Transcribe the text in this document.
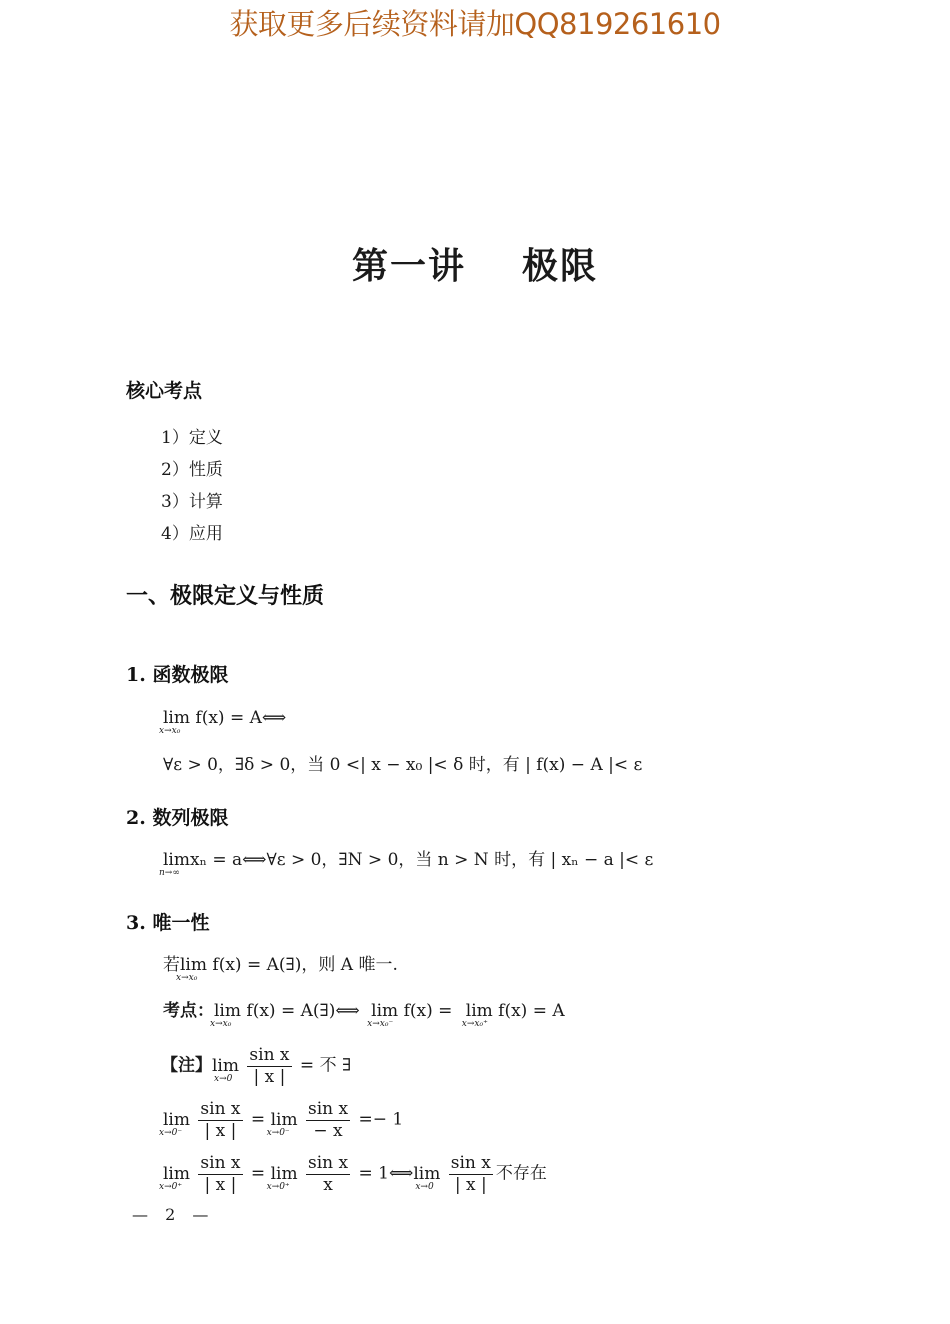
获取更多后续资料请加QQ819261610
第一讲 极限
核心考点
1）定义
2）性质
3）计算
4）应用
一、极限定义与性质
1. 函数极限
lim
x→x₀
f(x) = A⟺
∀ε > 0，∃δ > 0，当 0 <| x − x₀ |< δ 时，有 | f(x) − A |< ε
2. 数列极限
lim
n→∞
xₙ = a⟺∀ε > 0，∃N > 0，当 n > N 时，有 | xₙ − a |< ε
3. 唯一性
若lim
x→x₀
f(x) = A(∃)，则 A 唯一.
考点：lim
x→x₀
f(x) = A(∃)⟺ lim
x→x₀⁻
f(x) = lim
x→x₀⁺
f(x) = A
【注】lim
x→0
$\frac{\text{sin x}}{| x |}$ = 不 ∃
lim
x→0⁻
$\frac{\text{sin x}}{| x |} = \lim$
x→0⁻
$\frac{\text{sin x}}{- x} =- 1$
lim
x→0⁺
$\frac{\text{sin x}}{| x |} = \lim$
x→0⁺
$\frac{\text{sin x}}{x}$ = 1⟺lim
x→0
$\frac{\text{sin x}}{| x |}$ 不存在
— 2 —
